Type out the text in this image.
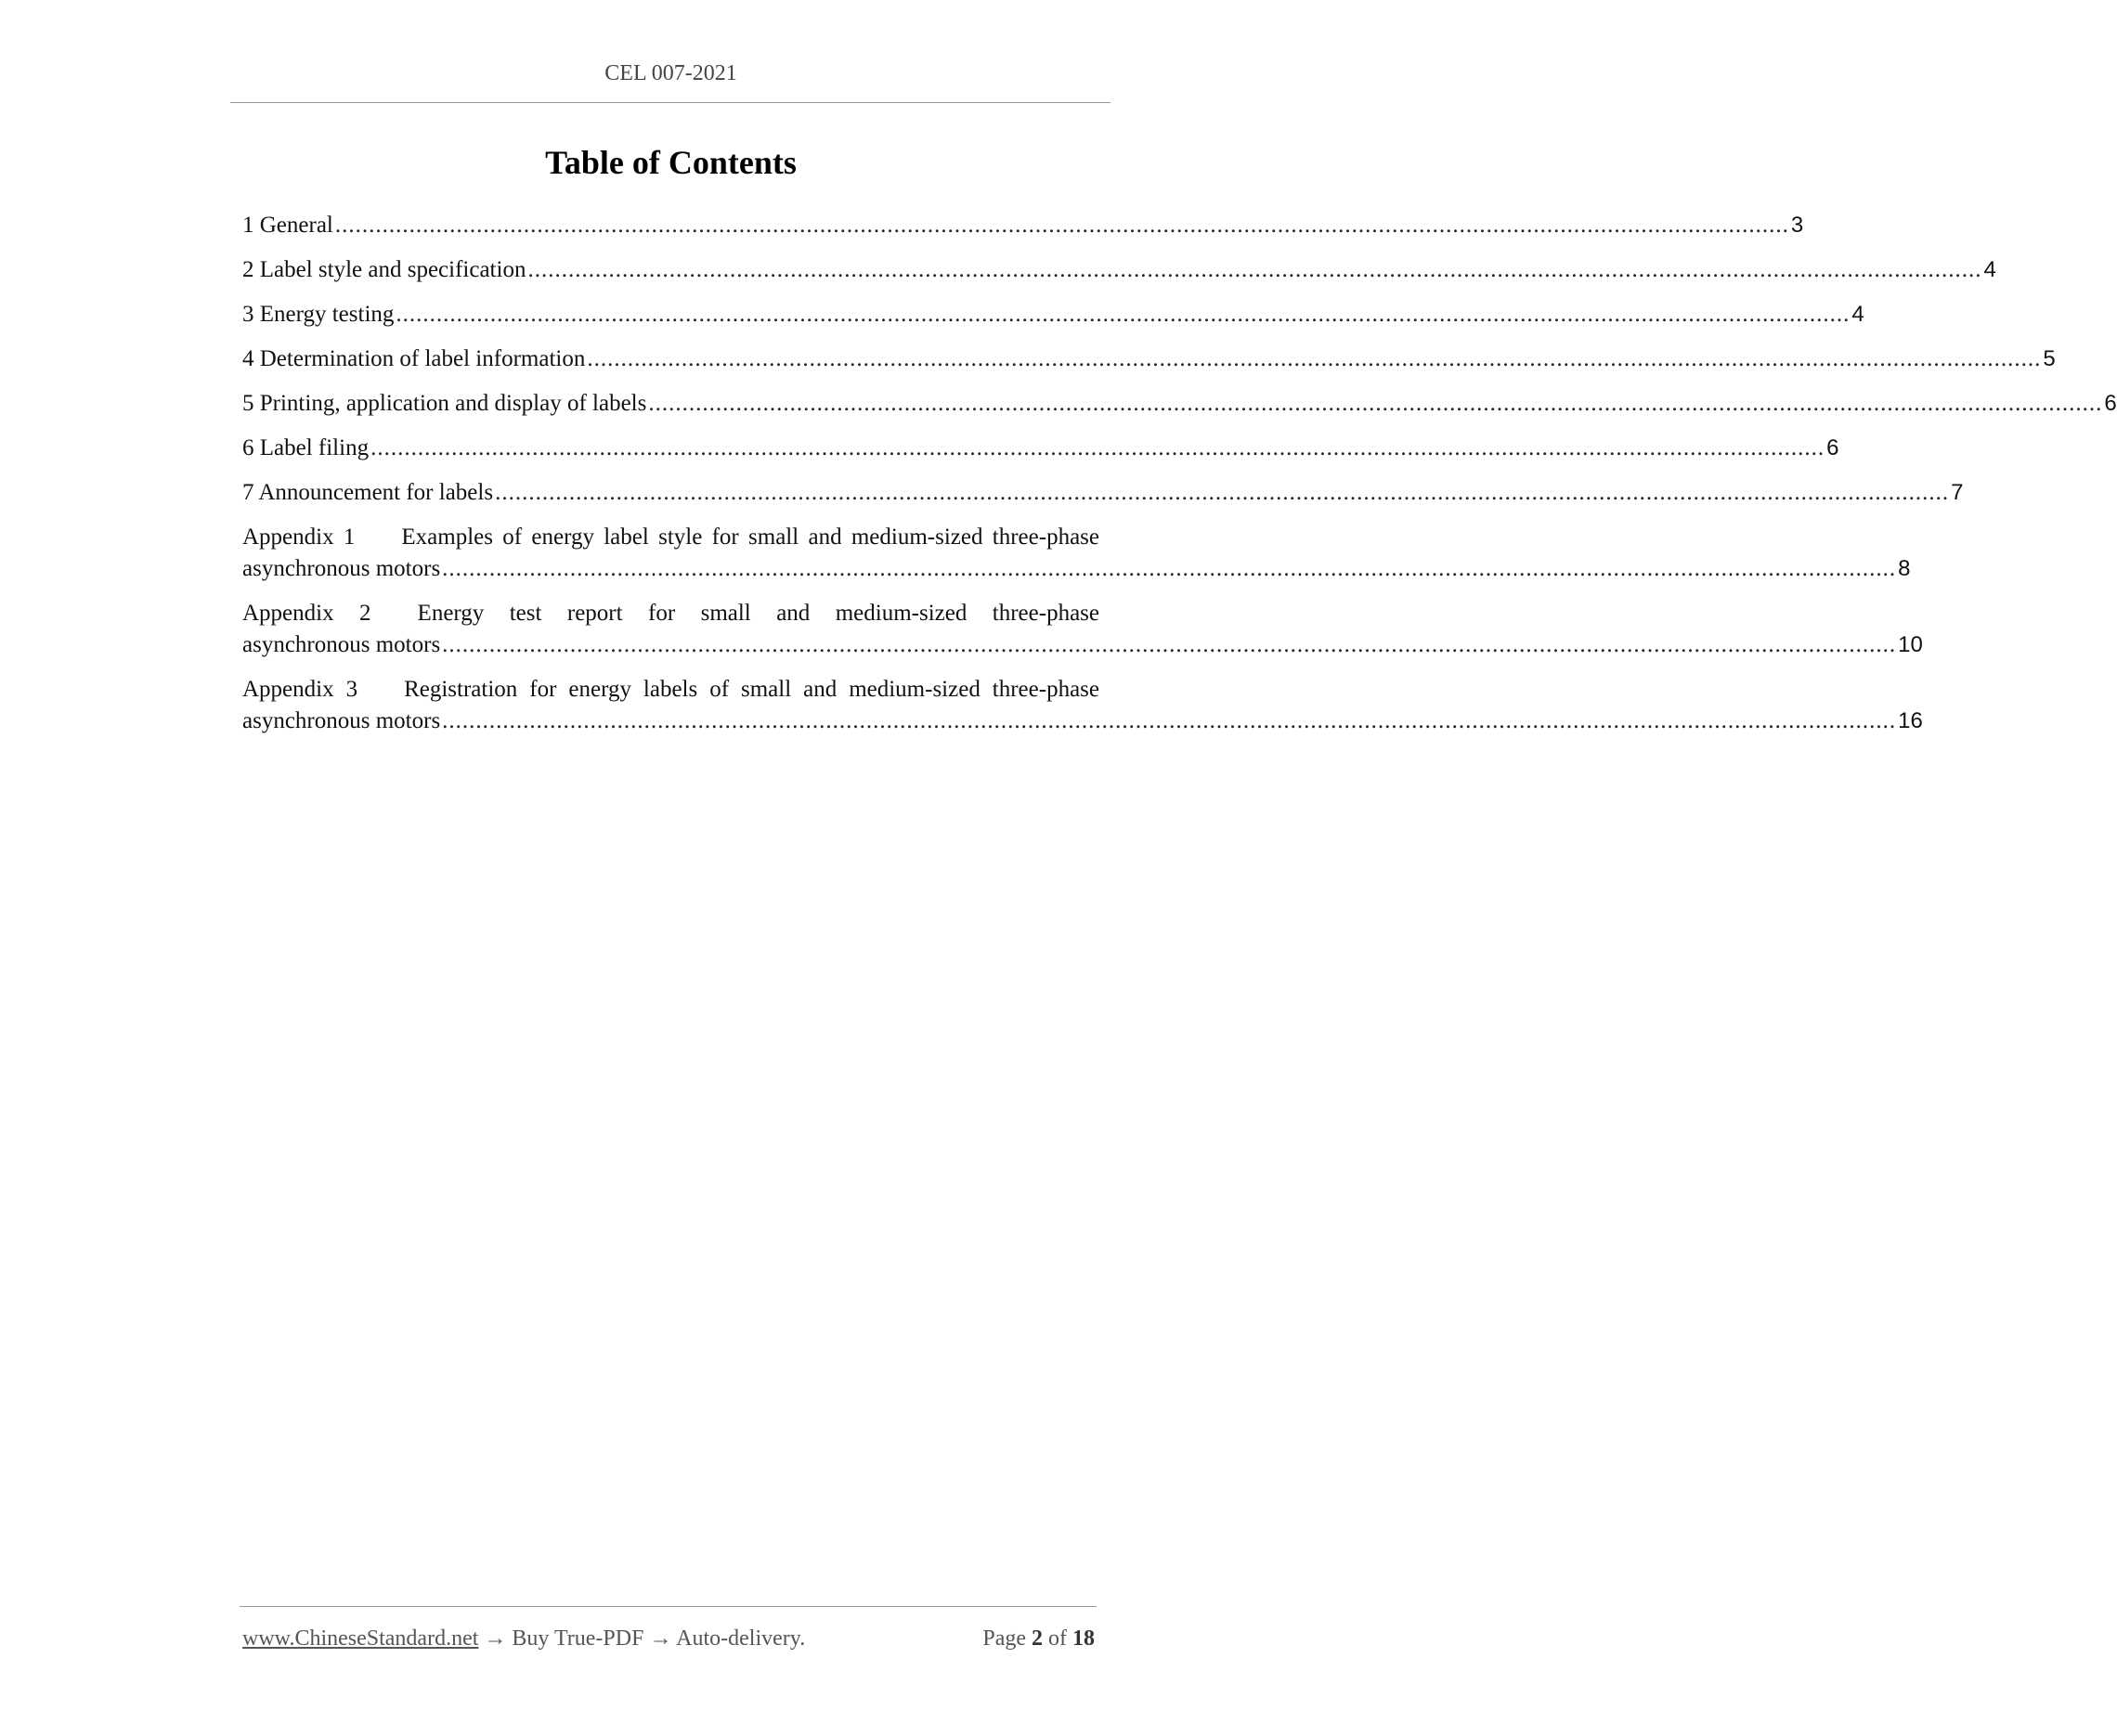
CEL 007-2021
Table of Contents
1 General ........................................................................................................................................................................................................................ 3
2 Label style and specification ........................................................................................................................................................................................................................ 4
3 Energy testing ........................................................................................................................................................................................................................ 4
4 Determination of label information ........................................................................................................................................................................................................................ 5
5 Printing, application and display of labels ........................................................................................................................................................................................................................ 6
6 Label filing ........................................................................................................................................................................................................................ 6
7 Announcement for labels ........................................................................................................................................................................................................................ 7
Appendix 1   Examples of energy label style for small and medium-sized three-phase
asynchronous motors ........................................................................................................................................................................................................................ 8
Appendix 2   Energy test report for small and medium-sized three-phase
asynchronous motors ........................................................................................................................................................................................................................ 10
Appendix 3   Registration for energy labels of small and medium-sized three-phase
asynchronous motors ........................................................................................................................................................................................................................ 16
www.ChineseStandard.net → Buy True-PDF → Auto-delivery.	Page 2 of 18
